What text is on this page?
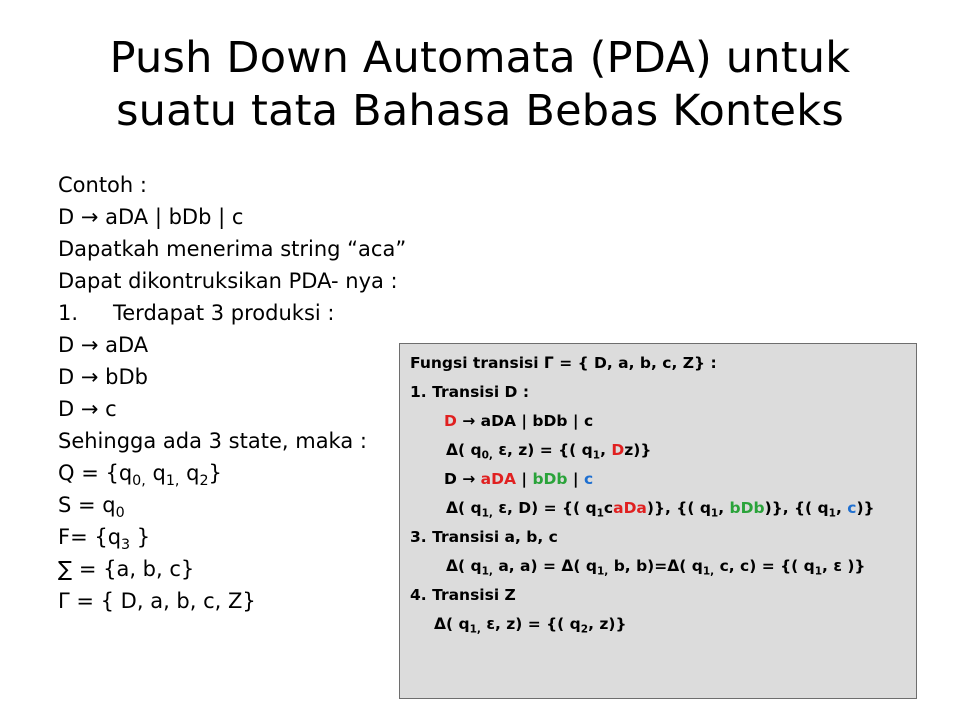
Push Down Automata (PDA) untuk
suatu tata Bahasa Bebas Konteks
Contoh :
D → aDA | bDb | c
Dapatkah menerima string “aca”
Dapat dikontruksikan PDA- nya :
1. Terdapat 3 produksi :
D → aDA
D → bDb
D → c
Sehingga ada 3 state, maka :
$Q = \{q_{0,}$ $q_{1,}$ $q_2$}
$S = q_0$
$F= \{q_3$ }
∑ = {a, b, c}
Γ = { D, a, b, c, Z}
Fungsi transisi Γ = { D, a, b, c, Z} :
1. Transisi D :
D → aDA | bDb | c
Δ( $q_{0,}$ ε, z) = {( $q_1$, Dz)}
D → aDA | bDb | c
Δ( $q_{1,}$ ε, D) = {( $q_1caDa$)}, {( $q_1$, bDb)}, {( $q_1$, c)}
3. Transisi a, b, c
Δ( $q_{1,}$ a, a) = Δ( $q_{1,}$ b, b)=Δ( $q_{1,}$ c, c) = {( $q_1$, ε )}
4. Transisi Z
Δ( $q_{1,}$ ε, z) = {( $q_2$, z)}
